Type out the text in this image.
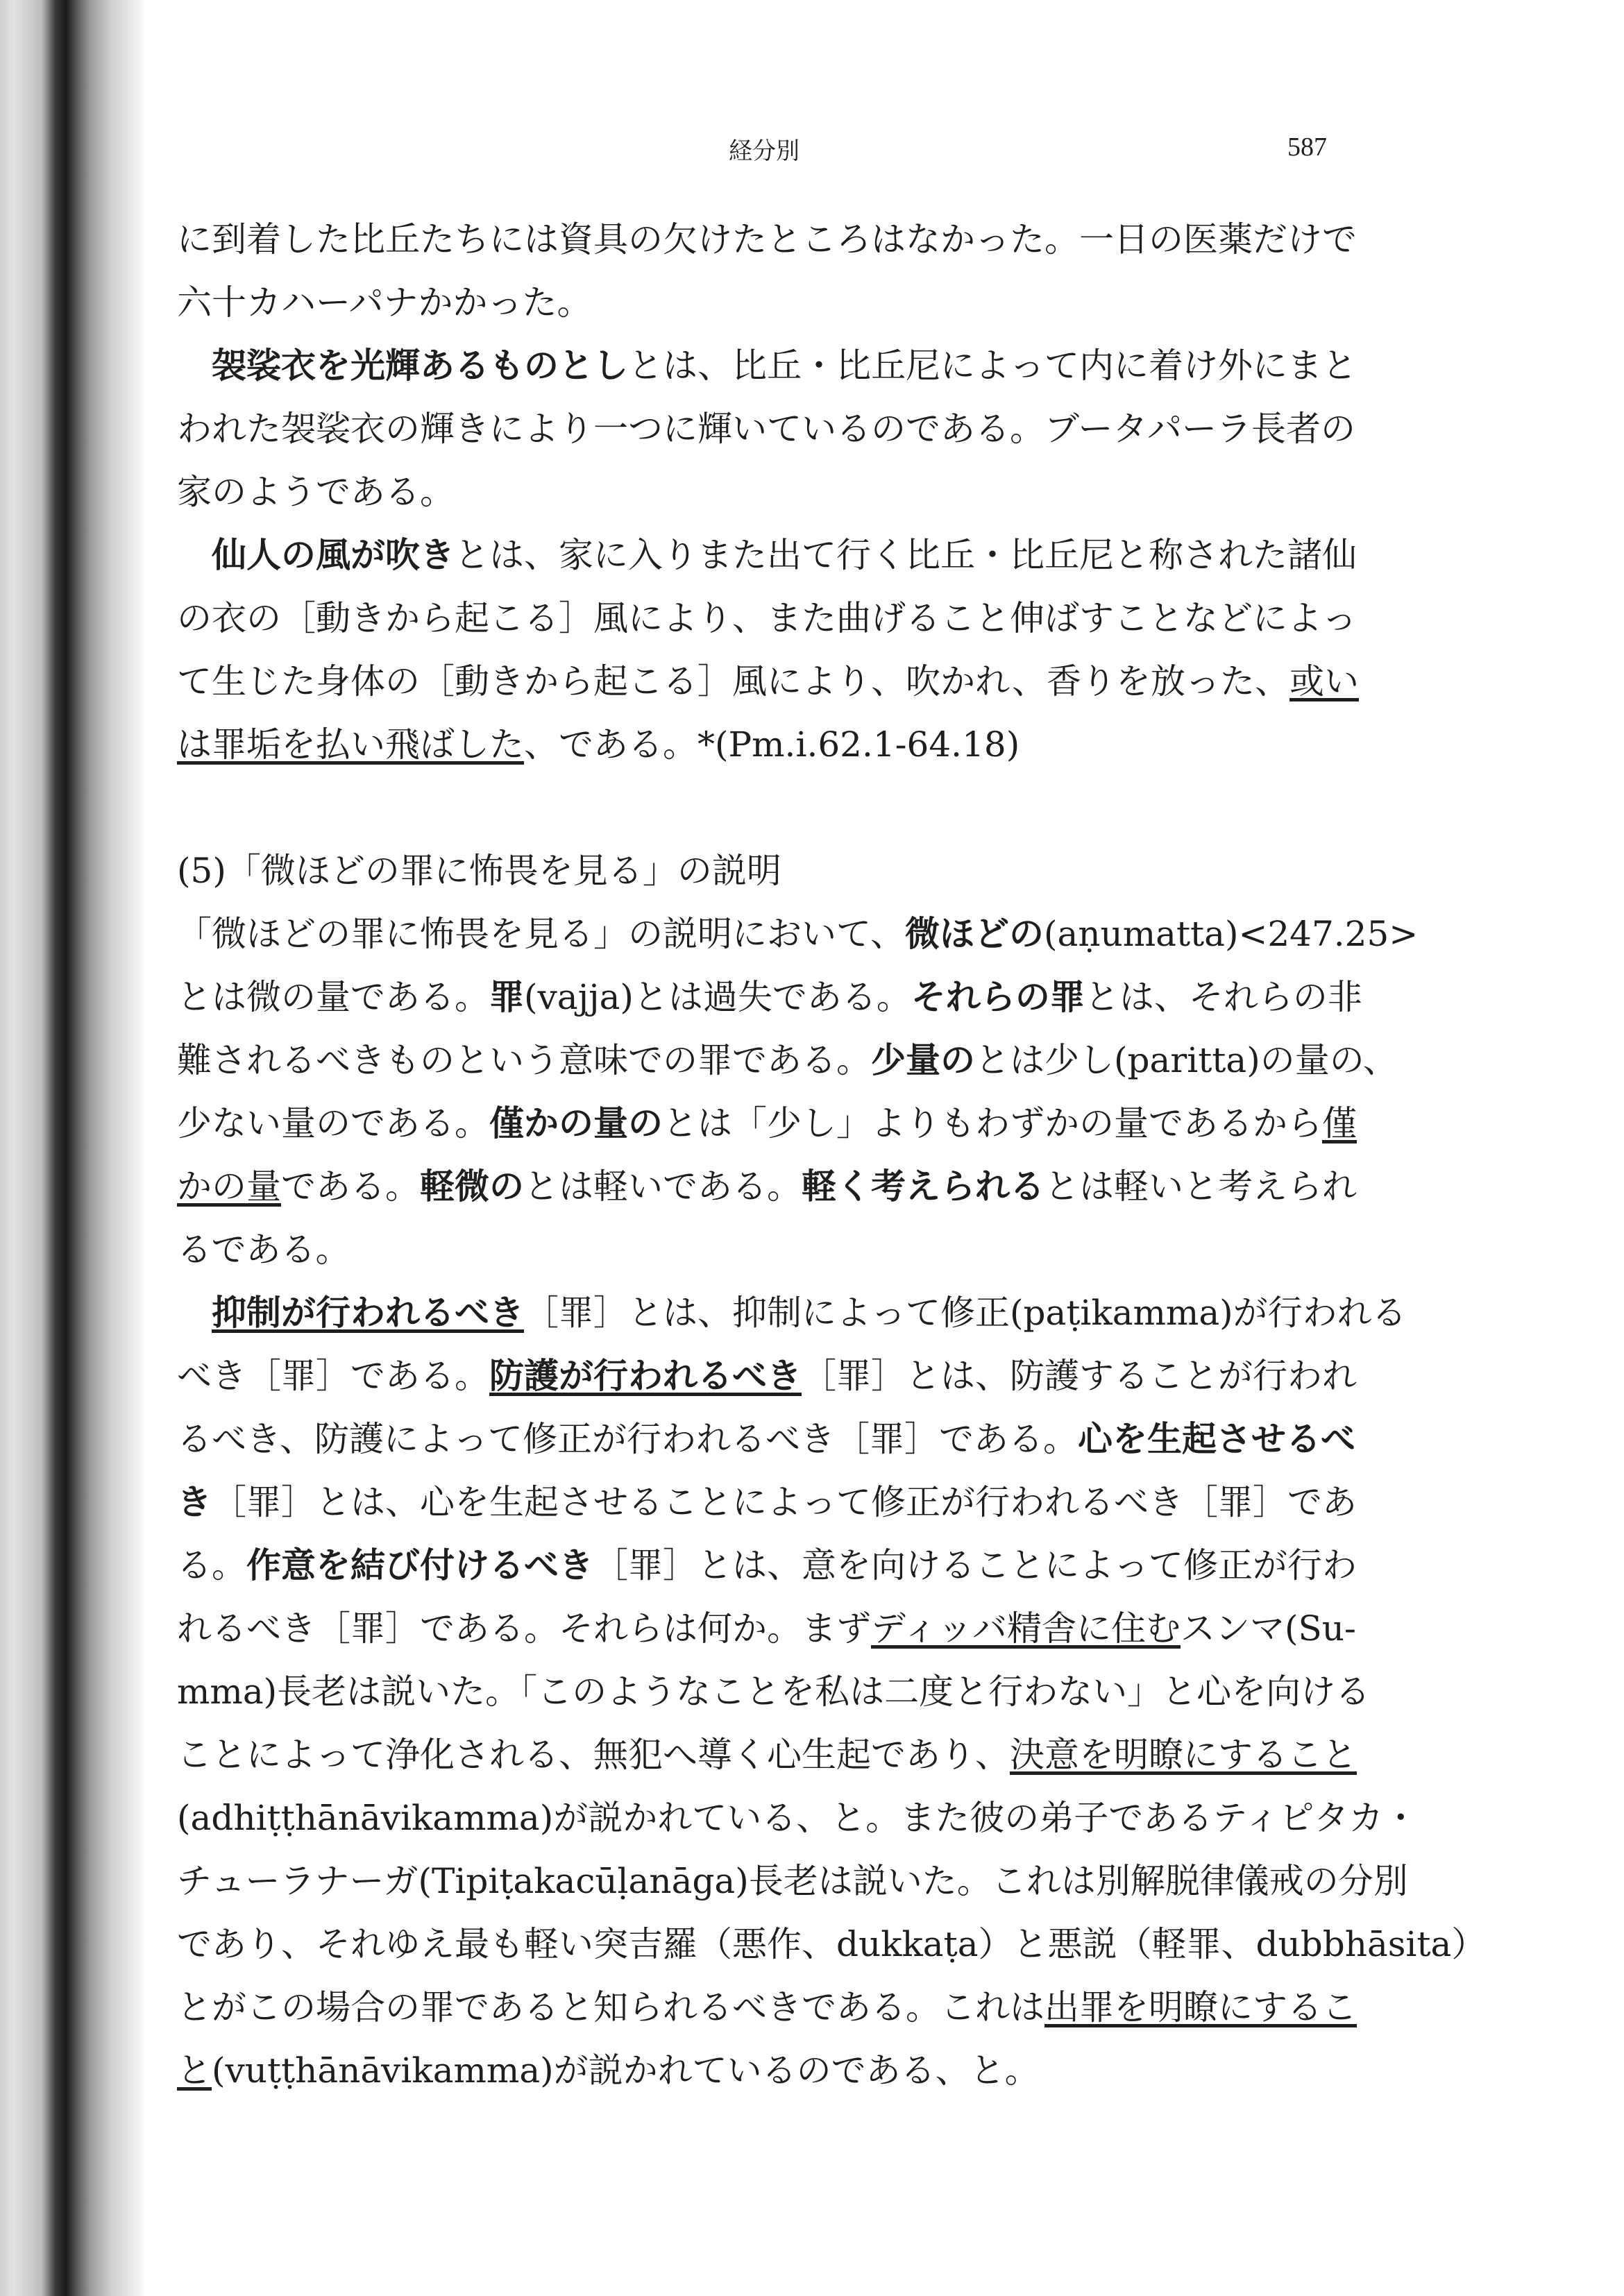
経分別	587
に到着した比丘たちには資具の欠けたところはなかった。一日の医薬だけで
六十カハーパナかかった。
　袈裟衣を光輝あるものとしとは、比丘・比丘尼によって内に着け外にまと
われた袈裟衣の輝きにより一つに輝いているのである。ブータパーラ長者の
家のようである。
　仙人の風が吹きとは、家に入りまた出て行く比丘・比丘尼と称された諸仙
の衣の［動きから起こる］風により、また曲げること伸ばすことなどによっ
て生じた身体の［動きから起こる］風により、吹かれ、香りを放った、或い
は罪垢を払い飛ばした、である。*(Pm.i.62.1-64.18)
(5)「微ほどの罪に怖畏を見る」の説明
「微ほどの罪に怖畏を見る」の説明において、微ほどの(aṇumatta)<247.25>
とは微の量である。罪(vajja)とは過失である。それらの罪とは、それらの非
難されるべきものという意味での罪である。少量のとは少し(paritta)の量の、
少ない量のである。僅かの量のとは「少し」よりもわずかの量であるから僅
かの量である。軽微のとは軽いである。軽く考えられるとは軽いと考えられ
るである。
　抑制が行われるべき［罪］とは、抑制によって修正(paṭikamma)が行われる
べき［罪］である。防護が行われるべき［罪］とは、防護することが行われ
るべき、防護によって修正が行われるべき［罪］である。心を生起させるべ
き［罪］とは、心を生起させることによって修正が行われるべき［罪］であ
る。作意を結び付けるべき［罪］とは、意を向けることによって修正が行わ
れるべき［罪］である。それらは何か。まずディッバ精舎に住むスンマ(Su-
mma)長老は説いた。「このようなことを私は二度と行わない」と心を向ける
ことによって浄化される、無犯へ導く心生起であり、決意を明瞭にすること
(adhiṭṭhānāvikamma)が説かれている、と。また彼の弟子であるティピタカ・
チューラナーガ(Tipiṭakacūḷanāga)長老は説いた。これは別解脱律儀戒の分別
であり、それゆえ最も軽い突吉羅（悪作、dukkaṭa）と悪説（軽罪、dubbhāsita）
とがこの場合の罪であると知られるべきである。これは出罪を明瞭にするこ
と(vuṭṭhānāvikamma)が説かれているのである、と。
